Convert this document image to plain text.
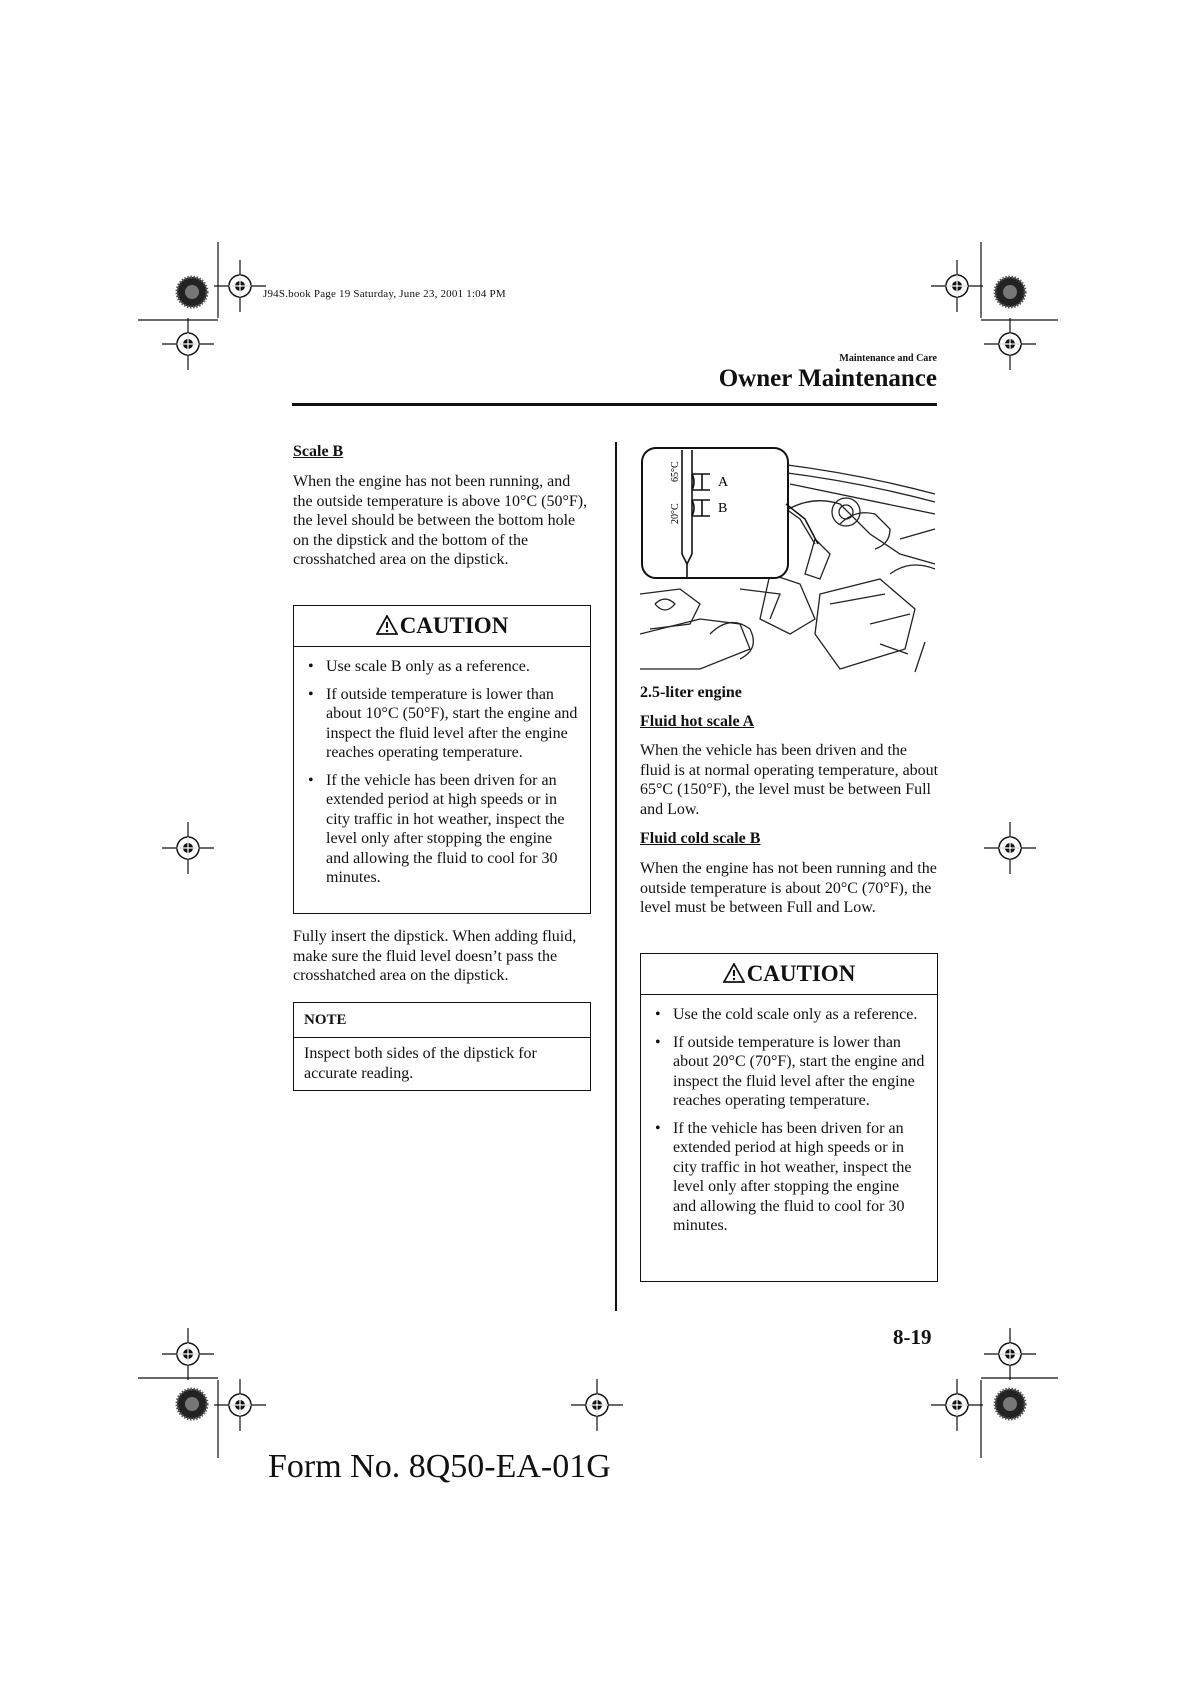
J94S.book Page 19 Saturday, June 23, 2001 1:04 PM
Maintenance and Care
Owner Maintenance
Scale B
When the engine has not been running, and the outside temperature is above 10°C (50°F), the level should be between the bottom hole on the dipstick and the bottom of the crosshatched area on the dipstick.
CAUTION
• Use scale B only as a reference.
• If outside temperature is lower than about 10°C (50°F), start the engine and inspect the fluid level after the engine reaches operating temperature.
• If the vehicle has been driven for an extended period at high speeds or in city traffic in hot weather, inspect the level only after stopping the engine and allowing the fluid to cool for 30 minutes.
Fully insert the dipstick. When adding fluid, make sure the fluid level doesn’t pass the crosshatched area on the dipstick.
NOTE
Inspect both sides of the dipstick for accurate reading.
65°C
20°C
A
B
2.5-liter engine
Fluid hot scale A
When the vehicle has been driven and the fluid is at normal operating temperature, about 65°C (150°F), the level must be between Full and Low.
Fluid cold scale B
When the engine has not been running and the outside temperature is about 20°C (70°F), the level must be between Full and Low.
CAUTION
• Use the cold scale only as a reference.
• If outside temperature is lower than about 20°C (70°F), start the engine and inspect the fluid level after the engine reaches operating temperature.
• If the vehicle has been driven for an extended period at high speeds or in city traffic in hot weather, inspect the level only after stopping the engine and allowing the fluid to cool for 30 minutes.
8-19
Form No. 8Q50-EA-01G
